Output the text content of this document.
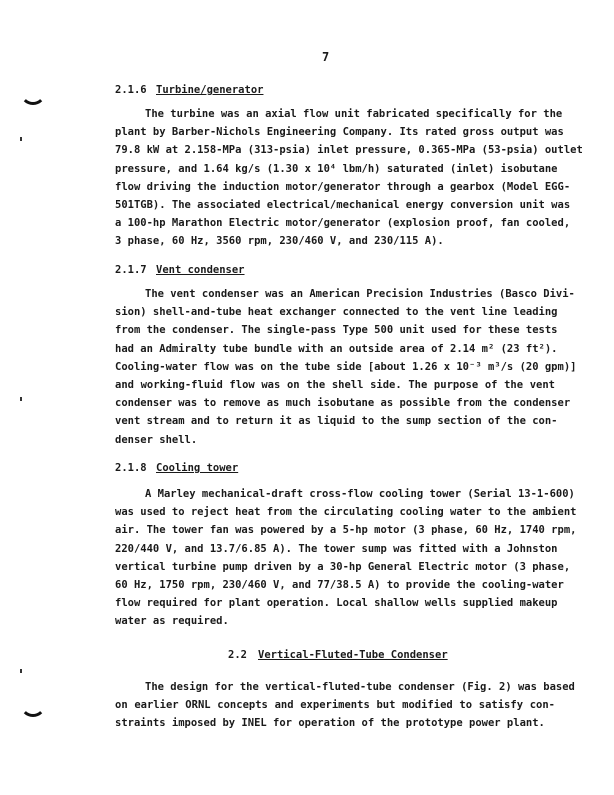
7
2.1.6 Turbine/generator
The turbine was an axial flow unit fabricated specifically for the
plant by Barber-Nichols Engineering Company. Its rated gross output was
79.8 kW at 2.158-MPa (313-psia) inlet pressure, 0.365-MPa (53-psia) outlet
pressure, and 1.64 kg/s (1.30 x 10⁴ lbm/h) saturated (inlet) isobutane
flow driving the induction motor/generator through a gearbox (Model EGG-
501TGB). The associated electrical/mechanical energy conversion unit was
a 100-hp Marathon Electric motor/generator (explosion proof, fan cooled,
3 phase, 60 Hz, 3560 rpm, 230/460 V, and 230/115 A).
2.1.7 Vent condenser
The vent condenser was an American Precision Industries (Basco Divi-
sion) shell-and-tube heat exchanger connected to the vent line leading
from the condenser. The single-pass Type 500 unit used for these tests
had an Admiralty tube bundle with an outside area of 2.14 m² (23 ft²).
Cooling-water flow was on the tube side [about 1.26 x 10⁻³ m³/s (20 gpm)]
and working-fluid flow was on the shell side. The purpose of the vent
condenser was to remove as much isobutane as possible from the condenser
vent stream and to return it as liquid to the sump section of the con-
denser shell.
2.1.8 Cooling tower
A Marley mechanical-draft cross-flow cooling tower (Serial 13-1-600)
was used to reject heat from the circulating cooling water to the ambient
air. The tower fan was powered by a 5-hp motor (3 phase, 60 Hz, 1740 rpm,
220/440 V, and 13.7/6.85 A). The tower sump was fitted with a Johnston
vertical turbine pump driven by a 30-hp General Electric motor (3 phase,
60 Hz, 1750 rpm, 230/460 V, and 77/38.5 A) to provide the cooling-water
flow required for plant operation. Local shallow wells supplied makeup
water as required.
2.2 Vertical-Fluted-Tube Condenser
The design for the vertical-fluted-tube condenser (Fig. 2) was based
on earlier ORNL concepts and experiments but modified to satisfy con-
straints imposed by INEL for operation of the prototype power plant.
